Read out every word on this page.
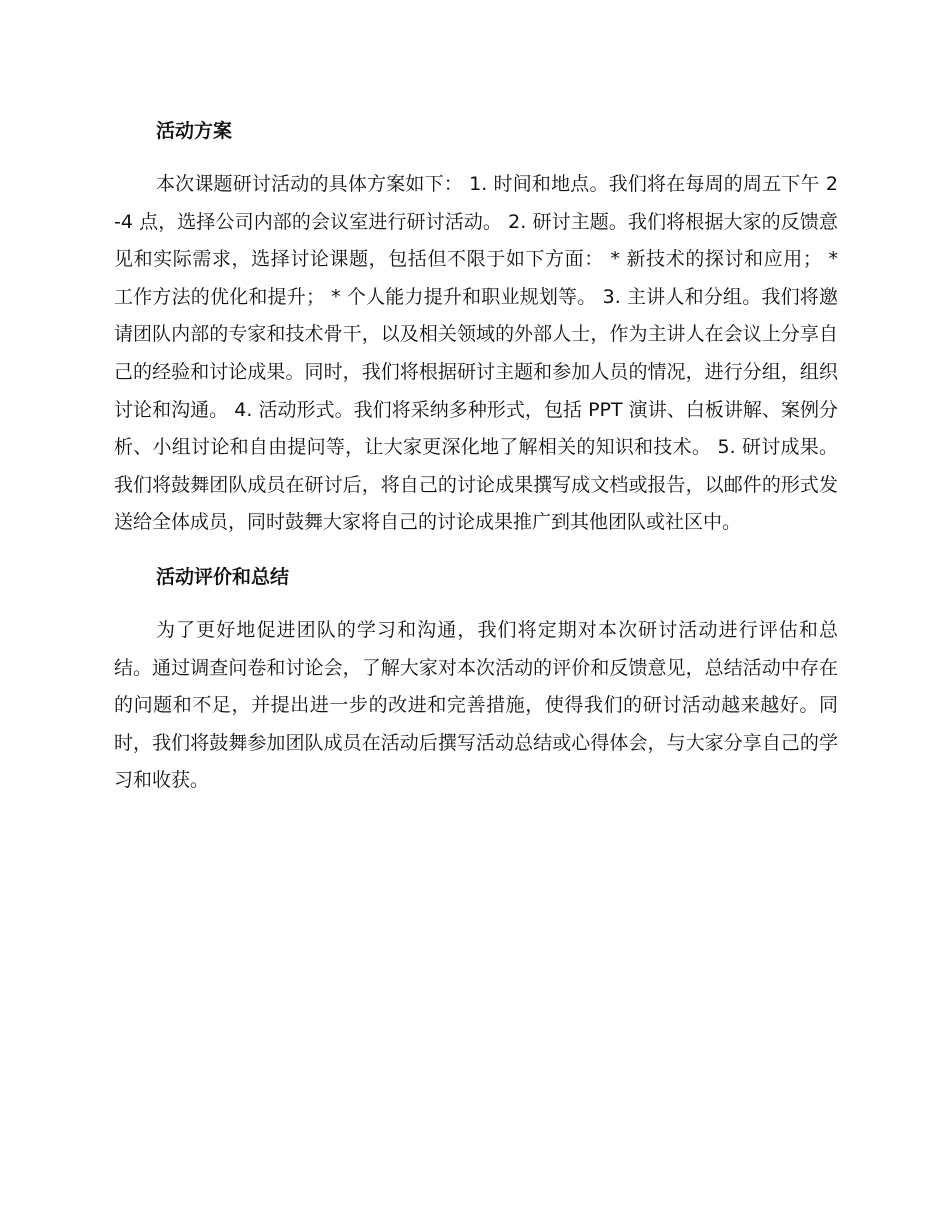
活动方案

本次课题研讨活动的具体方案如下： 1. 时间和地点。我们将在每周的周五下午 2-4 点，选择公司内部的会议室进行研讨活动。 2. 研讨主题。我们将根据大家的反馈意见和实际需求，选择讨论课题，包括但不限于如下方面： * 新技术的探讨和应用； * 工作方法的优化和提升； * 个人能力提升和职业规划等。 3. 主讲人和分组。我们将邀请团队内部的专家和技术骨干，以及相关领域的外部人士，作为主讲人在会议上分享自己的经验和讨论成果。同时，我们将根据研讨主题和参加人员的情况，进行分组，组织讨论和沟通。 4. 活动形式。我们将采纳多种形式，包括 PPT 演讲、白板讲解、案例分析、小组讨论和自由提问等，让大家更深化地了解相关的知识和技术。 5. 研讨成果。我们将鼓舞团队成员在研讨后，将自己的讨论成果撰写成文档或报告，以邮件的形式发送给全体成员，同时鼓舞大家将自己的讨论成果推广到其他团队或社区中。

活动评价和总结

为了更好地促进团队的学习和沟通，我们将定期对本次研讨活动进行评估和总结。通过调查问卷和讨论会，了解大家对本次活动的评价和反馈意见，总结活动中存在的问题和不足，并提出进一步的改进和完善措施，使得我们的研讨活动越来越好。同时，我们将鼓舞参加团队成员在活动后撰写活动总结或心得体会，与大家分享自己的学习和收获。
